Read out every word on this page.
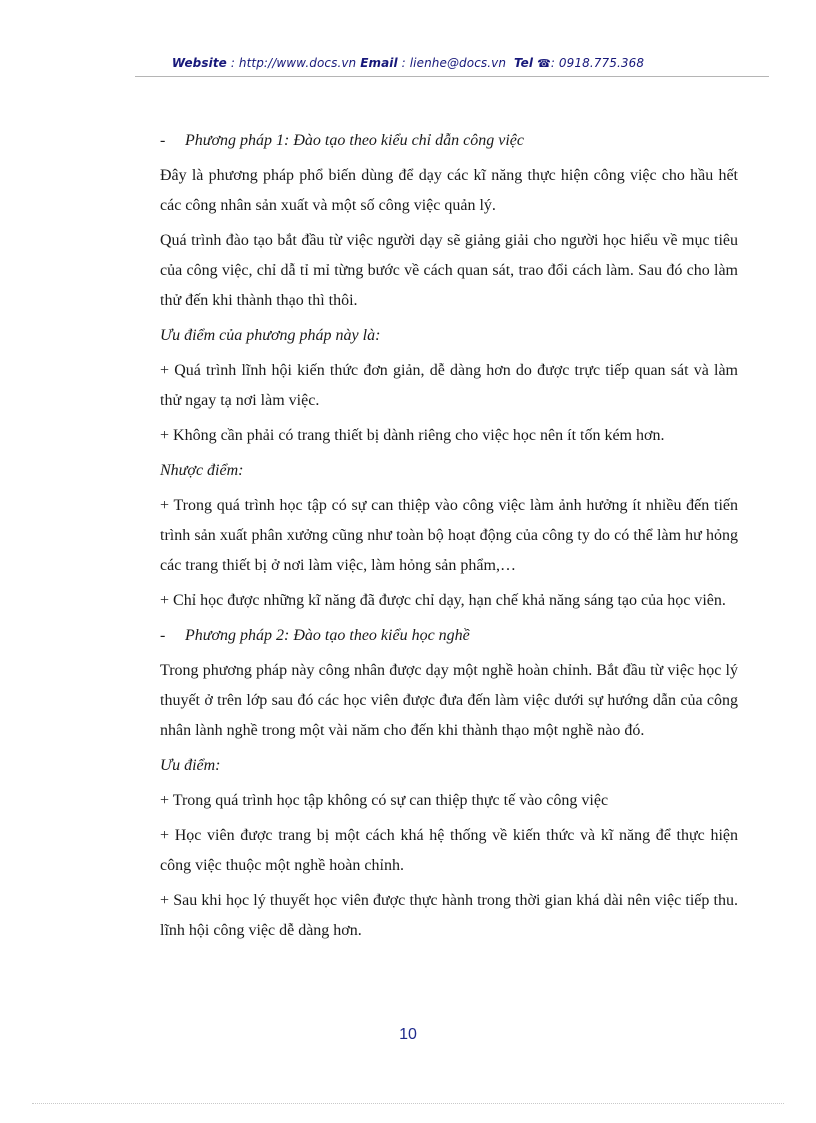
Website : http://www.docs.vn Email : lienhe@docs.vn Tel ☎: 0918.775.368

- Phương pháp 1: Đào tạo theo kiểu chỉ dẫn công việc

Đây là phương pháp phổ biến dùng để dạy các kĩ năng thực hiện công việc cho hầu hết các công nhân sản xuất và một số công việc quản lý.

Quá trình đào tạo bắt đầu từ việc người dạy sẽ giảng giải cho người học hiểu về mục tiêu của công việc, chỉ dẫ tỉ mỉ từng bước về cách quan sát, trao đổi cách làm. Sau đó cho làm thử đến khi thành thạo thì thôi.

Ưu điểm của phương pháp này là:

+ Quá trình lĩnh hội kiến thức đơn giản, dễ dàng hơn do được trực tiếp quan sát và làm thử ngay tạ nơi làm việc.

+ Không cần phải có trang thiết bị dành riêng cho việc học nên ít tốn kém hơn.

Nhược điểm:

+ Trong quá trình học tập có sự can thiệp vào công việc làm ảnh hưởng ít nhiều đến tiến trình sản xuất phân xưởng cũng như toàn bộ hoạt động của công ty do có thể làm hư hỏng các trang thiết bị ở nơi làm việc, làm hỏng sản phẩm,…

+ Chỉ học được những kĩ năng đã được chỉ dạy, hạn chế khả năng sáng tạo của học viên.

- Phương pháp 2: Đào tạo theo kiểu học nghề

Trong phương pháp này công nhân được dạy một nghề hoàn chỉnh. Bắt đầu từ việc học lý thuyết ở trên lớp sau đó các học viên được đưa đến làm việc dưới sự hướng dẫn của công nhân lành nghề trong một vài năm cho đến khi thành thạo một nghề nào đó.

Ưu điểm:

+ Trong quá trình học tập không có sự can thiệp thực tế vào công việc

+ Học viên được trang bị một cách khá hệ thống về kiến thức và kĩ năng để thực hiện công việc thuộc một nghề hoàn chỉnh.

+ Sau khi học lý thuyết học viên được thực hành trong thời gian khá dài nên việc tiếp thu. lĩnh hội công việc dễ dàng hơn.

10
